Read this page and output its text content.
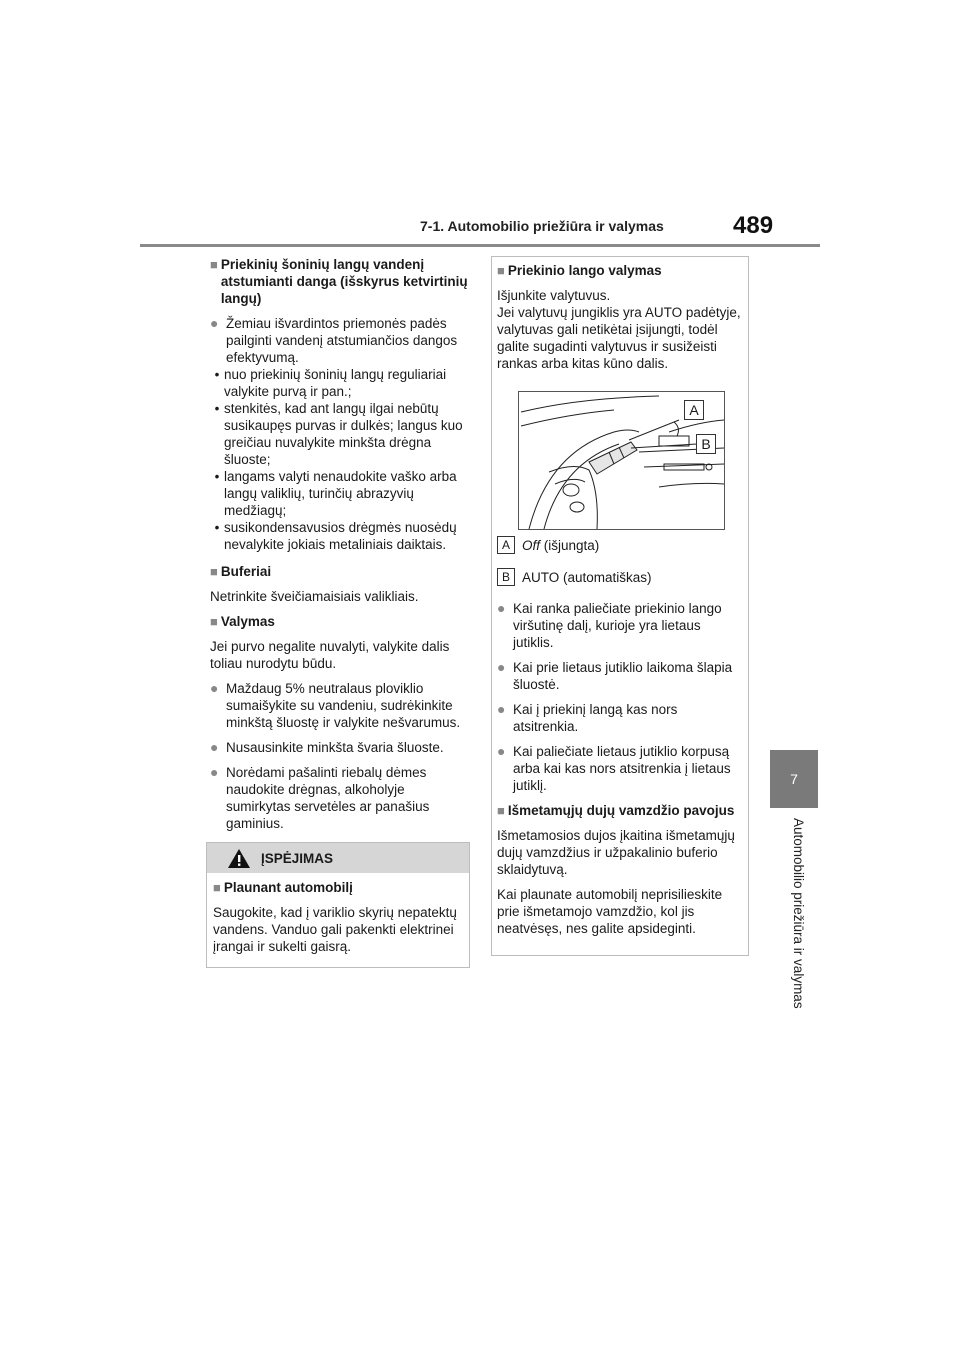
7-1. Automobilio priežiūra ir valymas	489
7
Automobilio priežiūra ir valymas
■ Priekinių šoninių langų vandenį atstumianti danga (išskyrus ketvirtinių langų)
● Žemiau išvardintos priemonės padės pailginti vandenį atstumiančios dangos efektyvumą.
• nuo priekinių šoninių langų reguliariai valykite purvą ir pan.;
• stenkitės, kad ant langų ilgai nebūtų susikaupęs purvas ir dulkės; langus kuo greičiau nuvalykite minkšta drėgna šluoste;
• langams valyti nenaudokite vaško arba langų valiklių, turinčių abrazyvių medžiagų;
• susikondensavusios drėgmės nuosėdų nevalykite jokiais metaliniais daiktais.
■ Buferiai

Netrinkite šveičiamaisiais valikliais.

■ Valymas

Jei purvo negalite nuvalyti, valykite dalis toliau nurodytu būdu.

● Maždaug 5% neutralaus ploviklio sumaišykite su vandeniu, sudrėkinkite minkštą šluostę ir valykite nešvarumus.
● Nusausinkite minkšta švaria šluoste.
● Norėdami pašalinti riebalų dėmes naudokite drėgnas, alkoholyje sumirkytas servetėles ar panašius gaminius.
ĮSPĖJIMAS
■ Plaunant automobilį

Saugokite, kad į variklio skyrių nepatektų vandens. Vanduo gali pakenkti elektrinei įrangai ir sukelti gaisrą.

■ Priekinio lango valymas

Išjunkite valytuvus.
Jei valytuvų jungiklis yra AUTO padėtyje, valytuvas gali netikėtai įsijungti, todėl galite sugadinti valytuvus ir susižeisti rankas arba kitas kūno dalis.

A Off (išjungta)
B AUTO (automatiškas)
● Kai ranka paliečiate priekinio lango viršutinę dalį, kurioje yra lietaus jutiklis.
● Kai prie lietaus jutiklio laikoma šlapia šluostė.
● Kai į priekinį langą kas nors atsitrenkia.
● Kai paliečiate lietaus jutiklio korpusą arba kai kas nors atsitrenkia į lietaus jutiklį.
■ Išmetamųjų dujų vamzdžio pavojus

Išmetamosios dujos įkaitina išmetamųjų dujų vamzdžius ir užpakalinio buferio sklaidytuvą.

Kai plaunate automobilį neprisilieskite prie išmetamojo vamzdžio, kol jis neatvėsęs, nes galite apsideginti.

A
B
